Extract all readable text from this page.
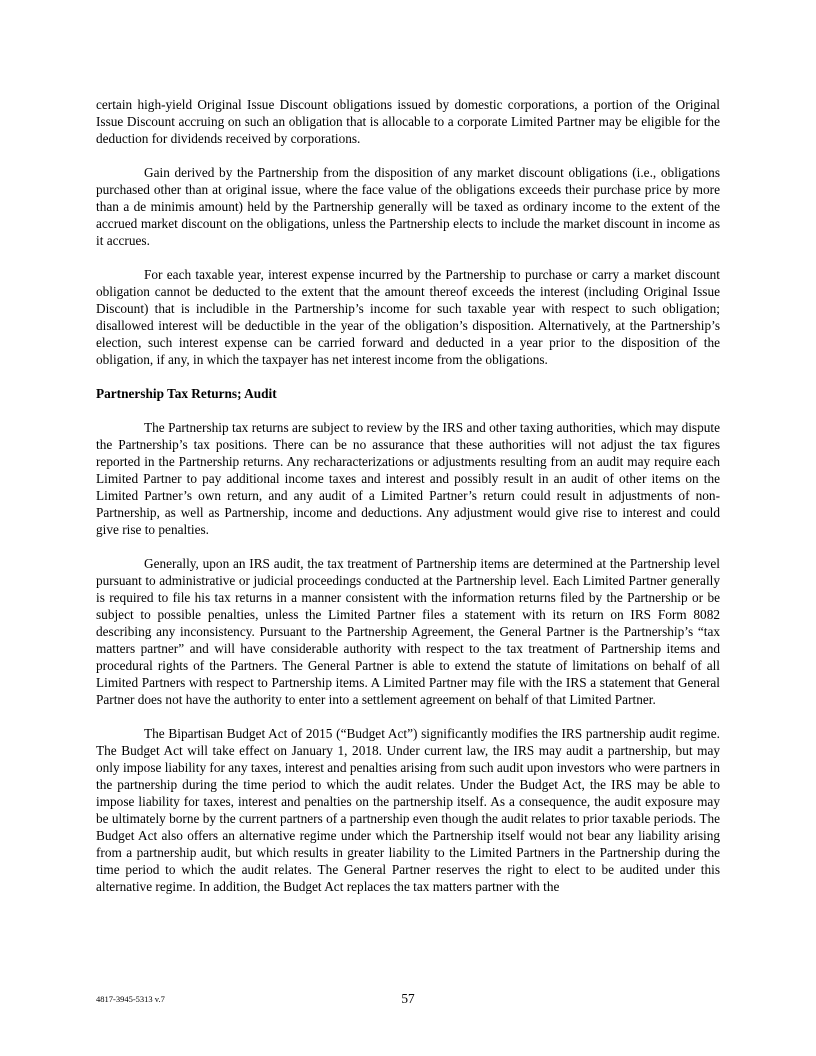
certain high-yield Original Issue Discount obligations issued by domestic corporations, a portion of the Original Issue Discount accruing on such an obligation that is allocable to a corporate Limited Partner may be eligible for the deduction for dividends received by corporations.

Gain derived by the Partnership from the disposition of any market discount obligations (i.e., obligations purchased other than at original issue, where the face value of the obligations exceeds their purchase price by more than a de minimis amount) held by the Partnership generally will be taxed as ordinary income to the extent of the accrued market discount on the obligations, unless the Partnership elects to include the market discount in income as it accrues.

For each taxable year, interest expense incurred by the Partnership to purchase or carry a market discount obligation cannot be deducted to the extent that the amount thereof exceeds the interest (including Original Issue Discount) that is includible in the Partnership’s income for such taxable year with respect to such obligation; disallowed interest will be deductible in the year of the obligation’s disposition. Alternatively, at the Partnership’s election, such interest expense can be carried forward and deducted in a year prior to the disposition of the obligation, if any, in which the taxpayer has net interest income from the obligations.

Partnership Tax Returns; Audit

The Partnership tax returns are subject to review by the IRS and other taxing authorities, which may dispute the Partnership’s tax positions. There can be no assurance that these authorities will not adjust the tax figures reported in the Partnership returns. Any recharacterizations or adjustments resulting from an audit may require each Limited Partner to pay additional income taxes and interest and possibly result in an audit of other items on the Limited Partner’s own return, and any audit of a Limited Partner’s return could result in adjustments of non-Partnership, as well as Partnership, income and deductions. Any adjustment would give rise to interest and could give rise to penalties.

Generally, upon an IRS audit, the tax treatment of Partnership items are determined at the Partnership level pursuant to administrative or judicial proceedings conducted at the Partnership level. Each Limited Partner generally is required to file his tax returns in a manner consistent with the information returns filed by the Partnership or be subject to possible penalties, unless the Limited Partner files a statement with its return on IRS Form 8082 describing any inconsistency. Pursuant to the Partnership Agreement, the General Partner is the Partnership’s “tax matters partner” and will have considerable authority with respect to the tax treatment of Partnership items and procedural rights of the Partners. The General Partner is able to extend the statute of limitations on behalf of all Limited Partners with respect to Partnership items. A Limited Partner may file with the IRS a statement that General Partner does not have the authority to enter into a settlement agreement on behalf of that Limited Partner.

The Bipartisan Budget Act of 2015 (“Budget Act”) significantly modifies the IRS partnership audit regime. The Budget Act will take effect on January 1, 2018. Under current law, the IRS may audit a partnership, but may only impose liability for any taxes, interest and penalties arising from such audit upon investors who were partners in the partnership during the time period to which the audit relates. Under the Budget Act, the IRS may be able to impose liability for taxes, interest and penalties on the partnership itself. As a consequence, the audit exposure may be ultimately borne by the current partners of a partnership even though the audit relates to prior taxable periods. The Budget Act also offers an alternative regime under which the Partnership itself would not bear any liability arising from a partnership audit, but which results in greater liability to the Limited Partners in the Partnership during the time period to which the audit relates. The General Partner reserves the right to elect to be audited under this alternative regime. In addition, the Budget Act replaces the tax matters partner with the

4817-3945-5313 v.7	57
